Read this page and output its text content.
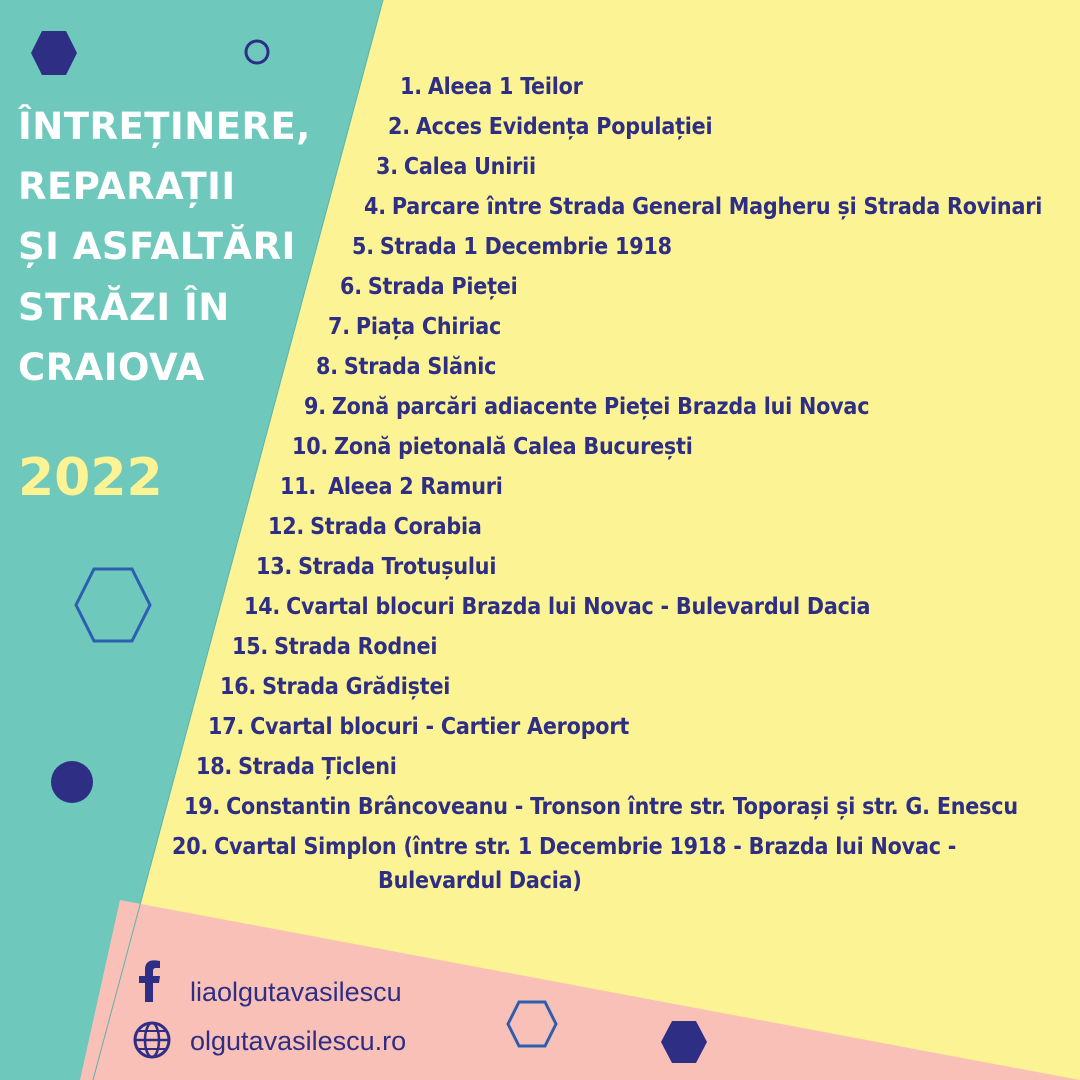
ÎNTREȚINERE,
REPARAȚII
ȘI ASFALTĂRI
STRĂZI ÎN
CRAIOVA

2022

1. Aleea 1 Teilor
2. Acces Evidența Populației
3. Calea Unirii
4. Parcare între Strada General Magheru și Strada Rovinari
5. Strada 1 Decembrie 1918
6. Strada Pieței
7. Piața Chiriac
8. Strada Slănic
9. Zonă parcări adiacente Pieței Brazda lui Novac
10. Zonă pietonală Calea București
11. Aleea 2 Ramuri
12. Strada Corabia
13. Strada Trotușului
14. Cvartal blocuri Brazda lui Novac - Bulevardul Dacia
15. Strada Rodnei
16. Strada Grădiștei
17. Cvartal blocuri - Cartier Aeroport
18. Strada Țicleni
19. Constantin Brâncoveanu - Tronson între str. Toporași și str. G. Enescu
20. Cvartal Simplon (între str. 1 Decembrie 1918 - Brazda lui Novac -
Bulevardul Dacia)
liaolgutavasilescu
olgutavasilescu.ro
